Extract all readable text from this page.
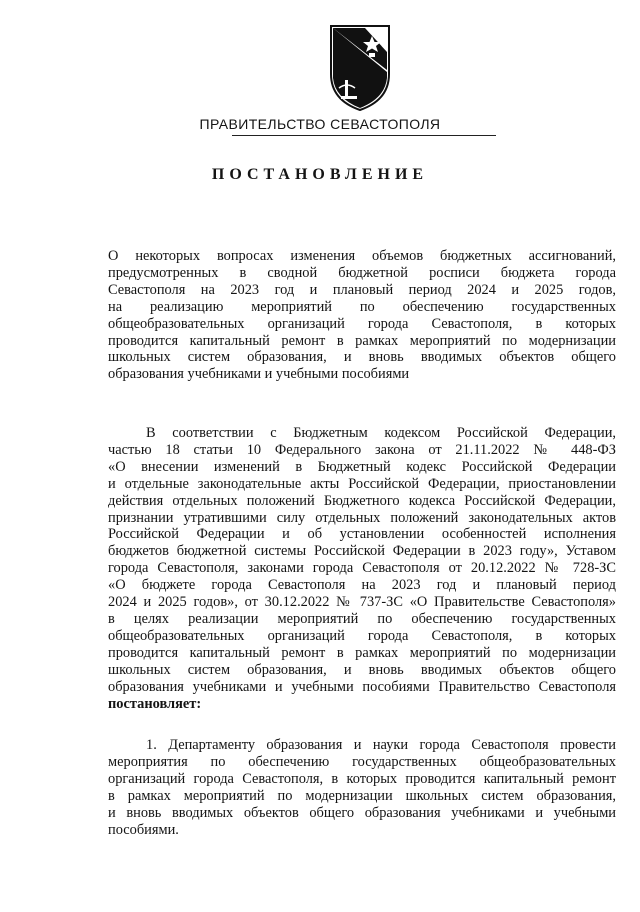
ПРАВИТЕЛЬСТВО СЕВАСТОПОЛЯ
ПОСТАНОВЛЕНИЕ
О некоторых вопросах изменения объемов бюджетных ассигнований,
предусмотренных в сводной бюджетной росписи бюджета города
Севастополя на 2023 год и плановый период 2024 и 2025 годов,
на реализацию мероприятий по обеспечению государственных
общеобразовательных организаций города Севастополя, в которых
проводится капитальный ремонт в рамках мероприятий по модернизации
школьных систем образования, и вновь вводимых объектов общего
образования учебниками и учебными пособиями
В соответствии с Бюджетным кодексом Российской Федерации,
частью 18 статьи 10 Федерального закона от 21.11.2022 № 448-ФЗ
«О внесении изменений в Бюджетный кодекс Российской Федерации
и отдельные законодательные акты Российской Федерации, приостановлении
действия отдельных положений Бюджетного кодекса Российской Федерации,
признании утратившими силу отдельных положений законодательных актов
Российской Федерации и об установлении особенностей исполнения
бюджетов бюджетной системы Российской Федерации в 2023 году», Уставом
города Севастополя, законами города Севастополя от 20.12.2022 № 728-ЗС
«О бюджете города Севастополя на 2023 год и плановый период
2024 и 2025 годов», от 30.12.2022 № 737-ЗС «О Правительстве Севастополя»
в целях реализации мероприятий по обеспечению государственных
общеобразовательных организаций города Севастополя, в которых
проводится капитальный ремонт в рамках мероприятий по модернизации
школьных систем образования, и вновь вводимых объектов общего
образования учебниками и учебными пособиями Правительство Севастополя
постановляет:
1. Департаменту образования и науки города Севастополя провести
мероприятия по обеспечению государственных общеобразовательных
организаций города Севастополя, в которых проводится капитальный ремонт
в рамках мероприятий по модернизации школьных систем образования,
и вновь вводимых объектов общего образования учебниками и учебными
пособиями.
